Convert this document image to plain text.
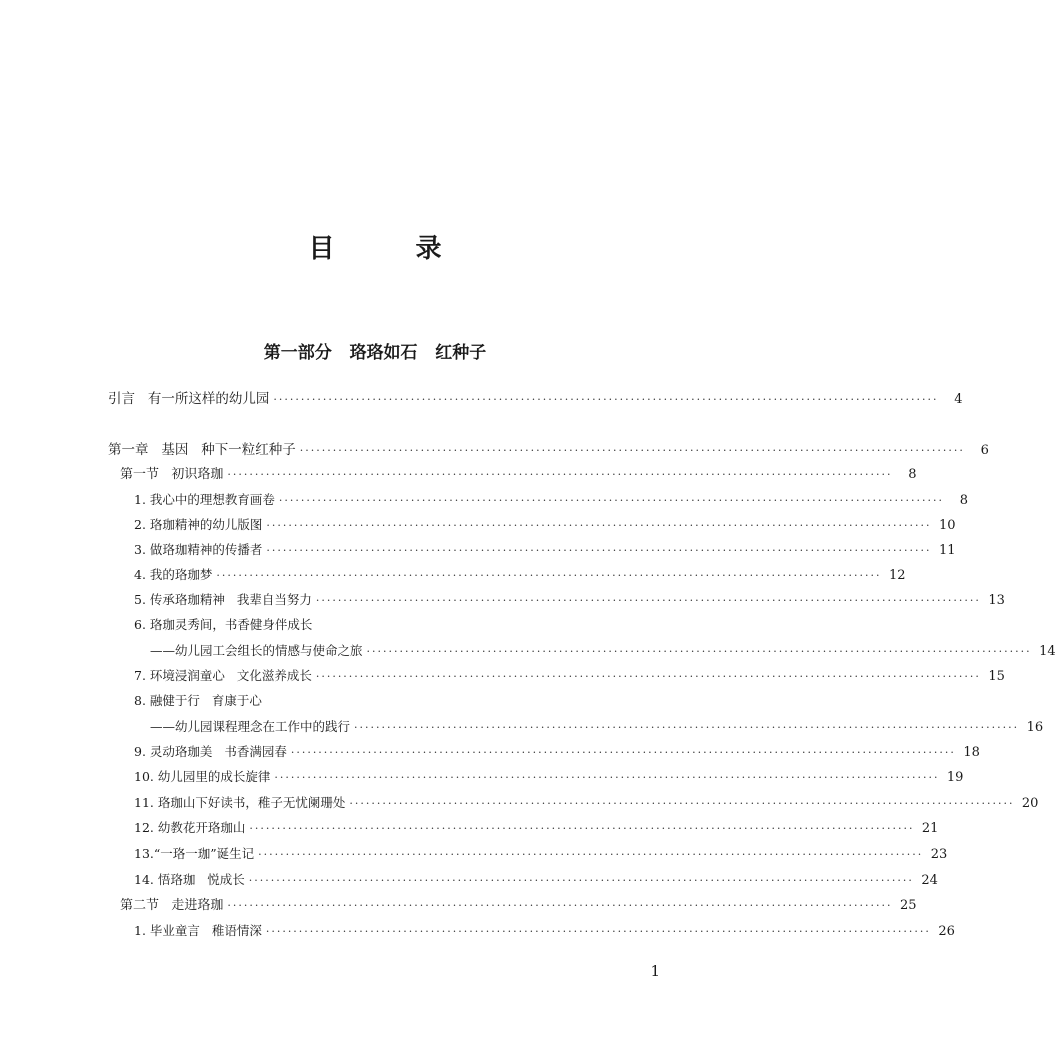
目 录
第一部分   珞珞如石   红种子
引言   有一所这样的幼儿园 ·························································································································	4
第一章   基因   种下一粒红种子 ·························································································································	6
第一节   初识珞珈 ·························································································································	8
1. 我心中的理想教育画卷 ·························································································································	8
2. 珞珈精神的幼儿版图 ························································································································· 10
3. 做珞珈精神的传播者 ························································································································· 11
4. 我的珞珈梦 ························································································································· 12
5. 传承珞珈精神   我辈自当努力 ························································································································· 13
6. 珞珈灵秀间，书香健身伴成长
——幼儿园工会组长的情感与使命之旅 ························································································································· 14
7. 环境浸润童心   文化滋养成长 ························································································································· 15
8. 融健于行   育康于心
——幼儿园课程理念在工作中的践行 ························································································································· 16
9. 灵动珞珈美   书香满园春 ························································································································· 18
10. 幼儿园里的成长旋律 ························································································································· 19
11. 珞珈山下好读书，稚子无忧阑珊处 ························································································································· 20
12. 幼教花开珞珈山 ························································································································· 21
13.“一珞一珈”诞生记 ························································································································· 23
14. 悟珞珈   悦成长 ························································································································· 24
第二节   走进珞珈 ························································································································· 25
1. 毕业童言   稚语情深 ························································································································· 26
1
